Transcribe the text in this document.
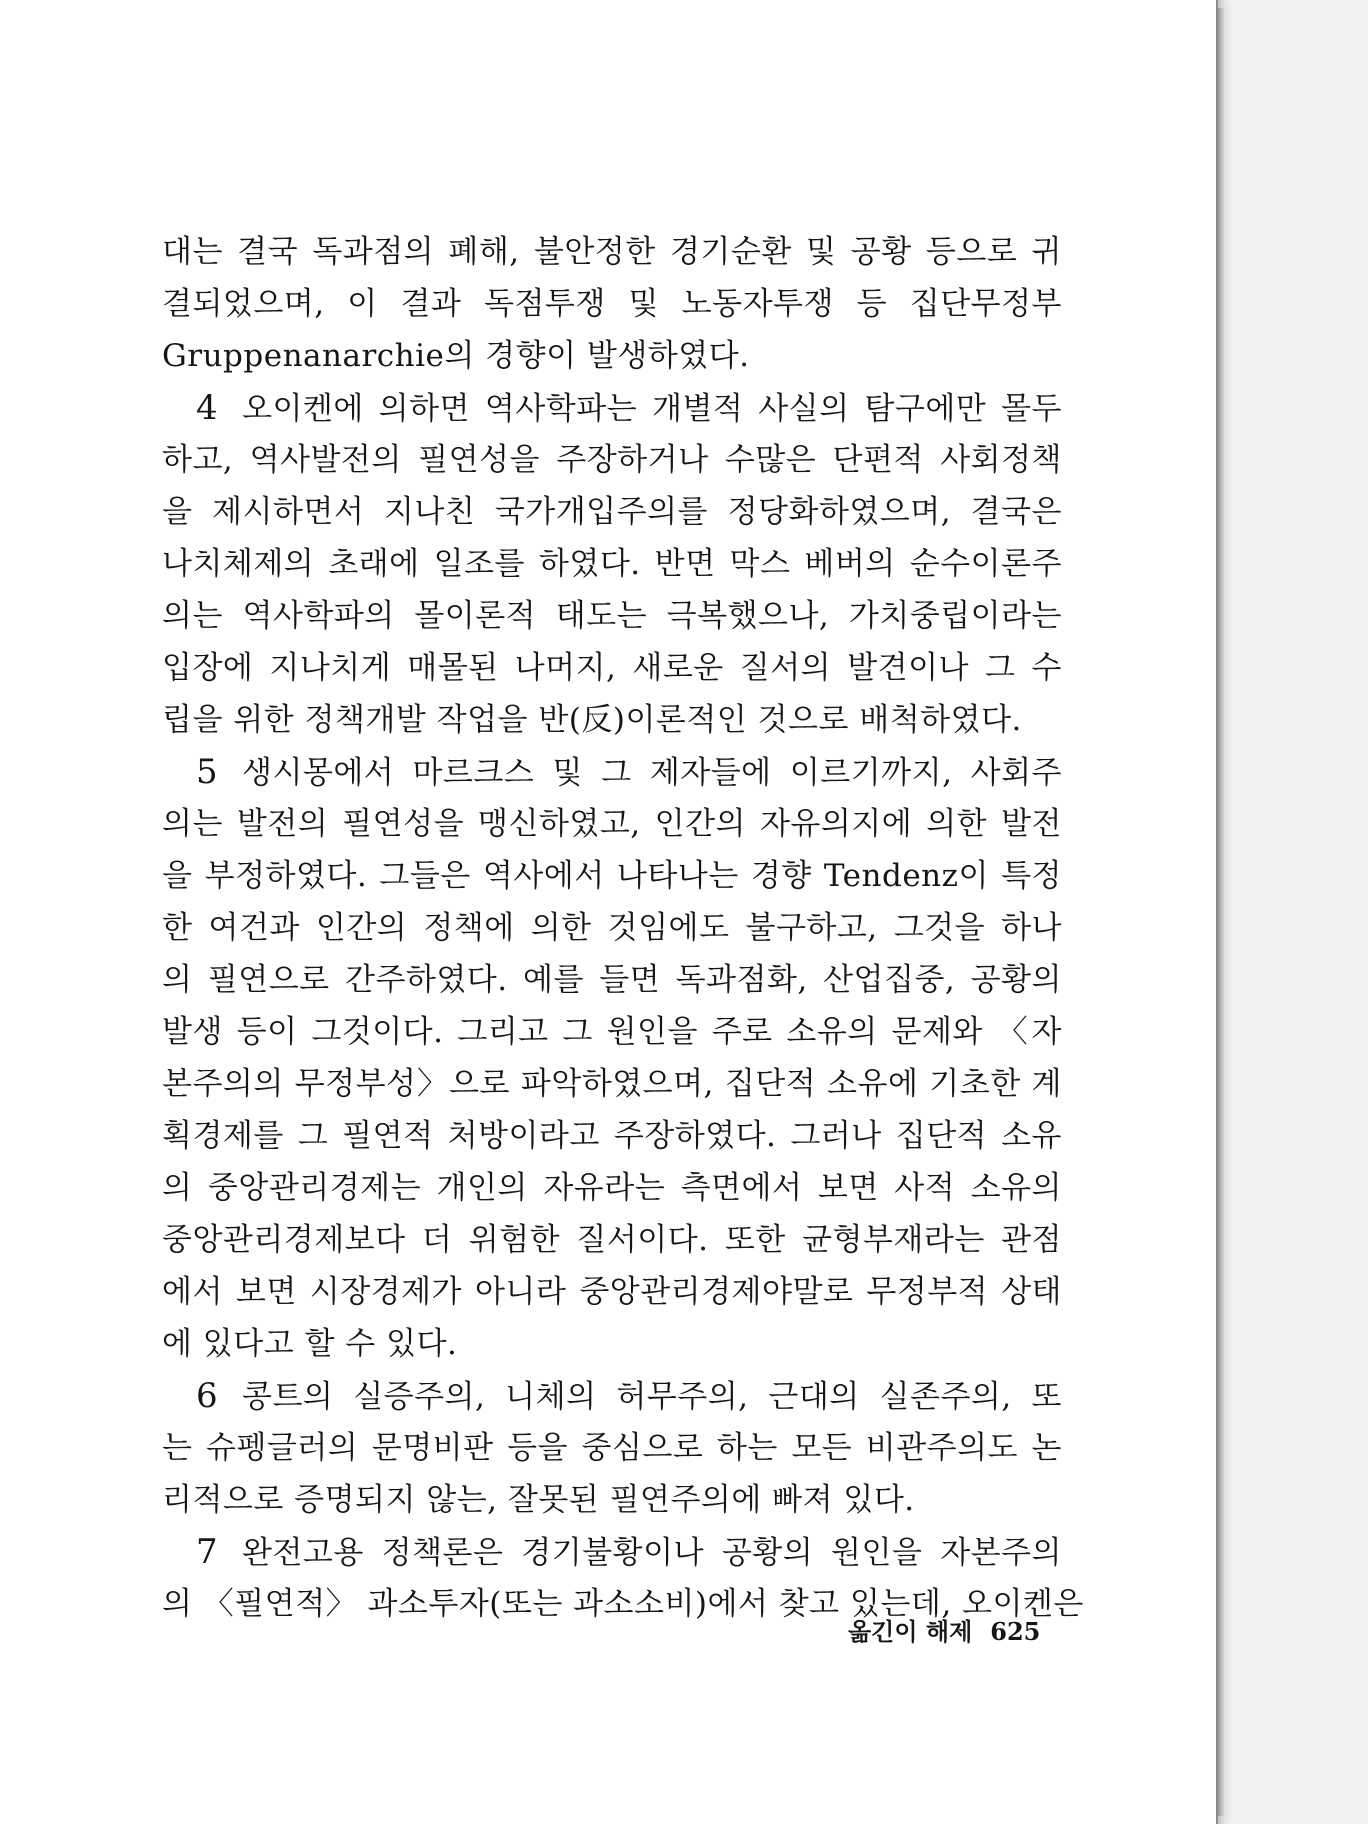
대는 결국 독과점의 폐해, 불안정한 경기순환 및 공황 등으로 귀
결되었으며, 이 결과 독점투쟁 및 노동자투쟁 등 집단무정부
Gruppenanarchie의 경향이 발생하였다.
4 오이켄에 의하면 역사학파는 개별적 사실의 탐구에만 몰두
하고, 역사발전의 필연성을 주장하거나 수많은 단편적 사회정책
을 제시하면서 지나친 국가개입주의를 정당화하였으며, 결국은
나치체제의 초래에 일조를 하였다. 반면 막스 베버의 순수이론주
의는 역사학파의 몰이론적 태도는 극복했으나, 가치중립이라는
입장에 지나치게 매몰된 나머지, 새로운 질서의 발견이나 그 수
립을 위한 정책개발 작업을 반(反)이론적인 것으로 배척하였다.
5 생시몽에서 마르크스 및 그 제자들에 이르기까지, 사회주
의는 발전의 필연성을 맹신하였고, 인간의 자유의지에 의한 발전
을 부정하였다. 그들은 역사에서 나타나는 경향 Tendenz이 특정
한 여건과 인간의 정책에 의한 것임에도 불구하고, 그것을 하나
의 필연으로 간주하였다. 예를 들면 독과점화, 산업집중, 공황의
발생 등이 그것이다. 그리고 그 원인을 주로 소유의 문제와 〈자
본주의의 무정부성〉으로 파악하였으며, 집단적 소유에 기초한 계
획경제를 그 필연적 처방이라고 주장하였다. 그러나 집단적 소유
의 중앙관리경제는 개인의 자유라는 측면에서 보면 사적 소유의
중앙관리경제보다 더 위험한 질서이다. 또한 균형부재라는 관점
에서 보면 시장경제가 아니라 중앙관리경제야말로 무정부적 상태
에 있다고 할 수 있다.
6 콩트의 실증주의, 니체의 허무주의, 근대의 실존주의, 또
는 슈펭글러의 문명비판 등을 중심으로 하는 모든 비관주의도 논
리적으로 증명되지 않는, 잘못된 필연주의에 빠져 있다.
7 완전고용 정책론은 경기불황이나 공황의 원인을 자본주의
의 〈필연적〉 과소투자(또는 과소소비)에서 찾고 있는데, 오이켄은
옮긴이 해제 625
